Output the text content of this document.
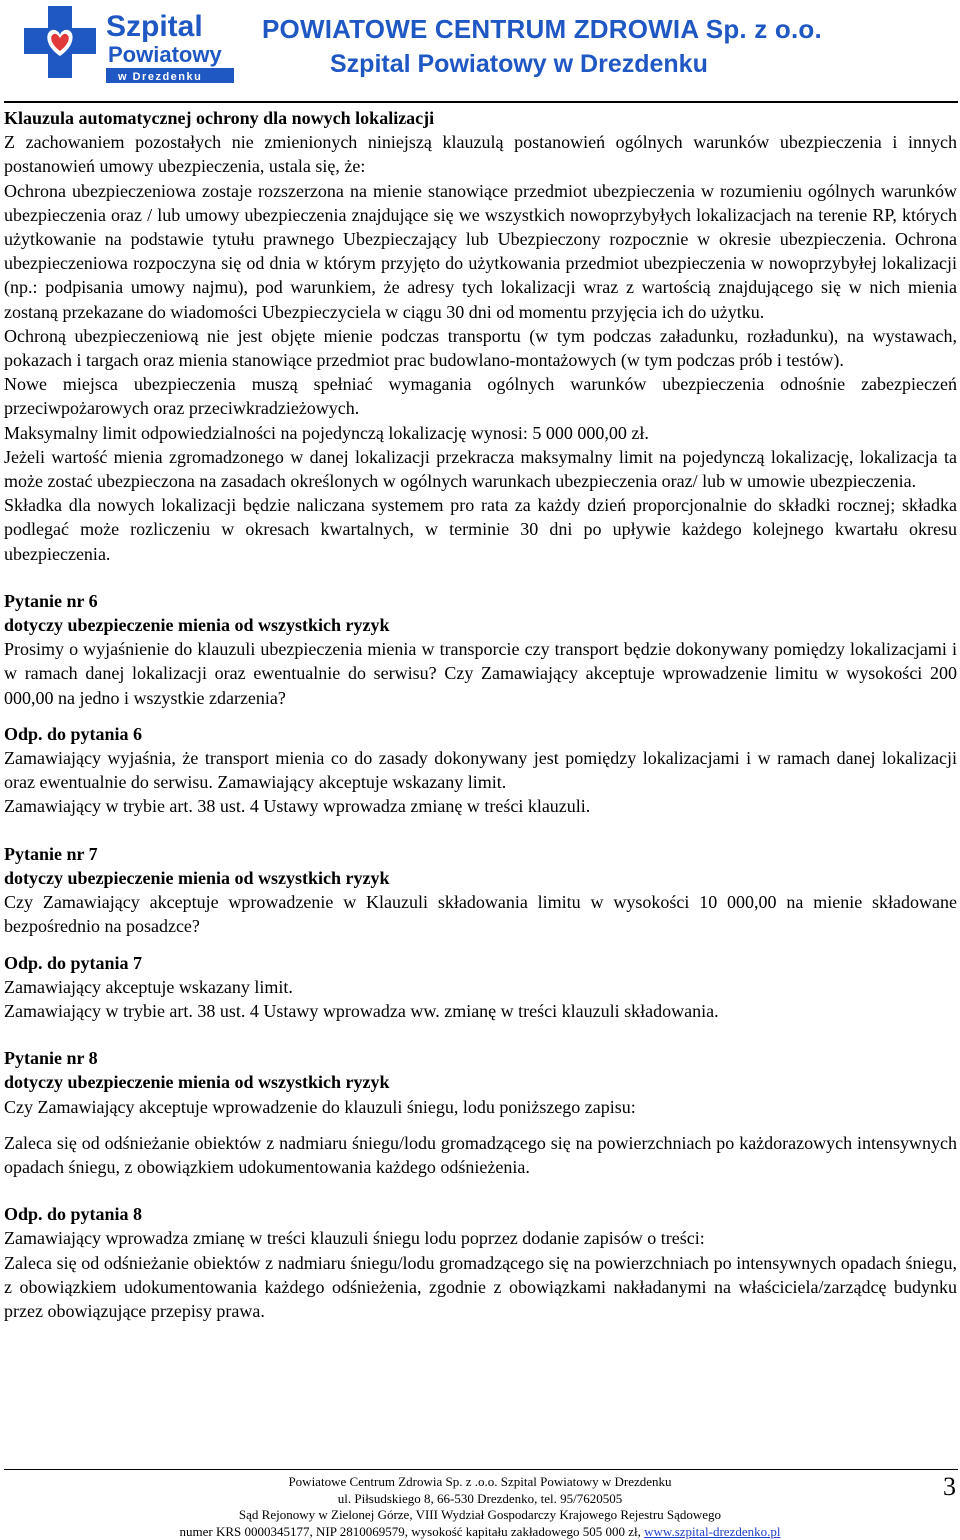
Szpital
Powiatowy
w Drezdenku
POWIATOWE CENTRUM ZDROWIA Sp. z o.o.
Szpital Powiatowy w Drezdenku

Klauzula automatycznej ochrony dla nowych lokalizacji

Z zachowaniem pozostałych nie zmienionych niniejszą klauzulą postanowień ogólnych warunków ubezpieczenia i innych postanowień umowy ubezpieczenia, ustala się, że:

Ochrona ubezpieczeniowa zostaje rozszerzona na mienie stanowiące przedmiot ubezpieczenia w rozumieniu ogólnych warunków ubezpieczenia oraz / lub umowy ubezpieczenia znajdujące się we wszystkich nowoprzybyłych lokalizacjach na terenie RP, których użytkowanie na podstawie tytułu prawnego Ubezpieczający lub Ubezpieczony rozpocznie w okresie ubezpieczenia. Ochrona ubezpieczeniowa rozpoczyna się od dnia w którym przyjęto do użytkowania przedmiot ubezpieczenia w nowoprzybyłej lokalizacji (np.: podpisania umowy najmu), pod warunkiem, że adresy tych lokalizacji wraz z wartością znajdującego się w nich mienia zostaną przekazane do wiadomości Ubezpieczyciela w ciągu 30 dni od momentu przyjęcia ich do użytku.

Ochroną ubezpieczeniową nie jest objęte mienie podczas transportu (w tym podczas załadunku, rozładunku), na wystawach, pokazach i targach oraz mienia stanowiące przedmiot prac budowlano-montażowych (w tym podczas prób i testów).

Nowe miejsca ubezpieczenia muszą spełniać wymagania ogólnych warunków ubezpieczenia odnośnie zabezpieczeń przeciwpożarowych oraz przeciwkradzieżowych.

Maksymalny limit odpowiedzialności na pojedynczą lokalizację wynosi: 5 000 000,00 zł.

Jeżeli wartość mienia zgromadzonego w danej lokalizacji przekracza maksymalny limit na pojedynczą lokalizację, lokalizacja ta może zostać ubezpieczona na zasadach określonych w ogólnych warunkach ubezpieczenia oraz/ lub w umowie ubezpieczenia.

Składka dla nowych lokalizacji będzie naliczana systemem pro rata za każdy dzień proporcjonalnie do składki rocznej; składka podlegać może rozliczeniu w okresach kwartalnych, w terminie 30 dni po upływie każdego kolejnego kwartału okresu ubezpieczenia.

Pytanie nr 6

dotyczy ubezpieczenie mienia od wszystkich ryzyk

Prosimy o wyjaśnienie do klauzuli ubezpieczenia mienia w transporcie czy transport będzie dokonywany pomiędzy lokalizacjami i w ramach danej lokalizacji oraz ewentualnie do serwisu? Czy Zamawiający akceptuje wprowadzenie limitu w wysokości 200 000,00 na jedno i wszystkie zdarzenia?

Odp. do pytania 6

Zamawiający wyjaśnia, że transport mienia co do zasady dokonywany jest pomiędzy lokalizacjami i w ramach danej lokalizacji oraz ewentualnie do serwisu. Zamawiający akceptuje wskazany limit.

Zamawiający w trybie art. 38 ust. 4 Ustawy wprowadza zmianę w treści klauzuli.

Pytanie nr 7

dotyczy ubezpieczenie mienia od wszystkich ryzyk

Czy Zamawiający akceptuje wprowadzenie w Klauzuli składowania limitu w wysokości 10 000,00 na mienie składowane bezpośrednio na posadzce?

Odp. do pytania 7

Zamawiający akceptuje wskazany limit.

Zamawiający w trybie art. 38 ust. 4 Ustawy wprowadza ww. zmianę w treści klauzuli składowania.

Pytanie nr 8

dotyczy ubezpieczenie mienia od wszystkich ryzyk

Czy Zamawiający akceptuje wprowadzenie do klauzuli śniegu, lodu poniższego zapisu:

Zaleca się od odśnieżanie obiektów z nadmiaru śniegu/lodu gromadzącego się na powierzchniach po każdorazowych intensywnych opadach śniegu, z obowiązkiem udokumentowania każdego odśnieżenia.

Odp. do pytania 8

Zamawiający wprowadza zmianę w treści klauzuli śniegu lodu poprzez dodanie zapisów o treści:

Zaleca się od odśnieżanie obiektów z nadmiaru śniegu/lodu gromadzącego się na powierzchniach po intensywnych opadach śniegu, z obowiązkiem udokumentowania każdego odśnieżenia, zgodnie z obowiązkami nakładanymi na właściciela/zarządcę budynku przez obowiązujące przepisy prawa.

Powiatowe Centrum Zdrowia Sp. z .o.o. Szpital Powiatowy w Drezdenku
ul. Piłsudskiego 8, 66-530 Drezdenko, tel. 95/7620505
Sąd Rejonowy w Zielonej Górze, VIII Wydział Gospodarczy Krajowego Rejestru Sądowego
numer KRS 0000345177, NIP 2810069579, wysokość kapitału zakładowego 505 000 zł, www.szpital-drezdenko.pl
3
